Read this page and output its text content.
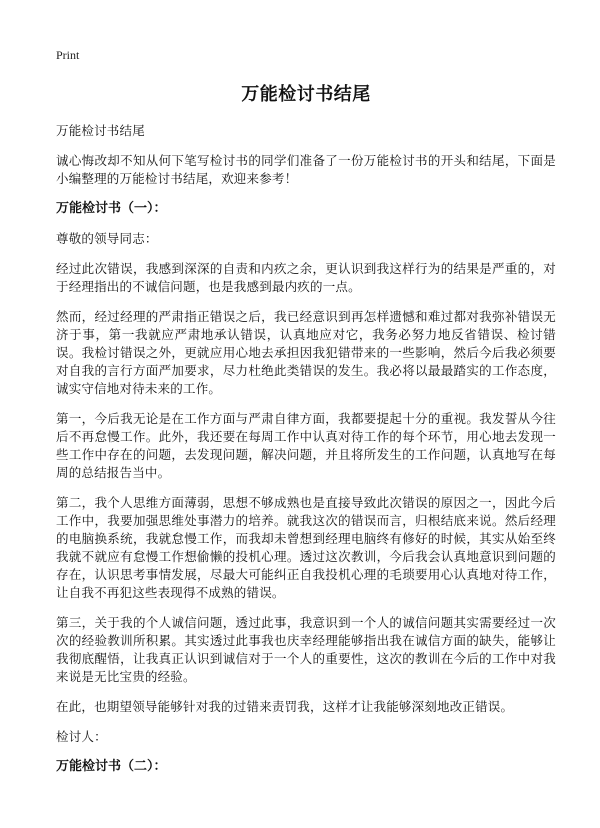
Print
万能检讨书结尾

万能检讨书结尾

诚心悔改却不知从何下笔写检讨书的同学们准备了一份万能检讨书的开头和结尾，下面是小编整理的万能检讨书结尾，欢迎来参考！

万能检讨书（一）：

尊敬的领导同志：

经过此次错误，我感到深深的自责和内疚之余，更认识到我这样行为的结果是严重的，对于经理指出的不诚信问题，也是我感到最内疚的一点。

然而，经过经理的严肃指正错误之后，我已经意识到再怎样遗憾和难过都对我弥补错误无济于事，第一我就应严肃地承认错误，认真地应对它，我务必努力地反省错误、检讨错误。我检讨错误之外，更就应用心地去承担因我犯错带来的一些影响，然后今后我必须要对自我的言行方面严加要求，尽力杜绝此类错误的发生。我必将以最最踏实的工作态度，诚实守信地对待未来的工作。

第一，今后我无论是在工作方面与严肃自律方面，我都要提起十分的重视。我发誓从今往后不再怠慢工作。此外，我还要在每周工作中认真对待工作的每个环节，用心地去发现一些工作中存在的问题，去发现问题，解决问题，并且将所发生的工作问题，认真地写在每周的总结报告当中。

第二，我个人思维方面薄弱，思想不够成熟也是直接导致此次错误的原因之一，因此今后工作中，我要加强思维处事潜力的培养。就我这次的错误而言，归根结底来说。然后经理的电脑换系统，我就怠慢工作，而我却未曾想到经理电脑终有修好的时候，其实从始至终我就不就应有怠慢工作想偷懒的投机心理。透过这次教训，今后我会认真地意识到问题的存在，认识思考事情发展，尽最大可能纠正自我投机心理的毛琐要用心认真地对待工作，让自我不再犯这些表现得不成熟的错误。

第三，关于我的个人诚信问题，透过此事，我意识到一个人的诚信问题其实需要经过一次次的经验教训所积累。其实透过此事我也庆幸经理能够指出我在诚信方面的缺失，能够让我彻底醒悟，让我真正认识到诚信对于一个人的重要性，这次的教训在今后的工作中对我来说是无比宝贵的经验。

在此，也期望领导能够针对我的过错来责罚我，这样才让我能够深刻地改正错误。

检讨人：

万能检讨书（二）：
